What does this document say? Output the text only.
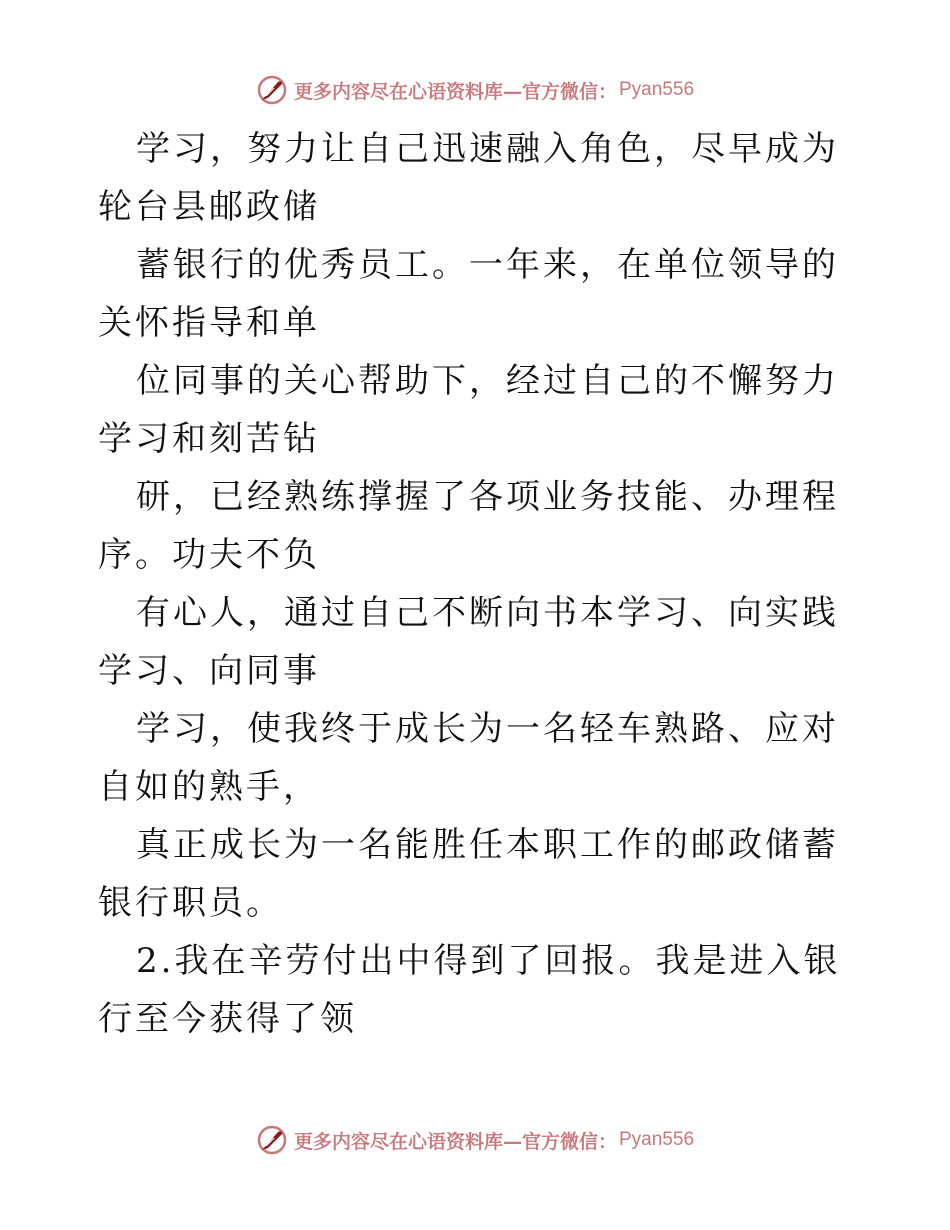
更多内容尽在心语资料库—官方微信： Pyan556

学习，努力让自己迅速融入角色，尽早成为轮台县邮政储

蓄银行的优秀员工。一年来，在单位领导的关怀指导和单

位同事的关心帮助下，经过自己的不懈努力学习和刻苦钻

研，已经熟练撑握了各项业务技能、办理程序。功夫不负

有心人，通过自己不断向书本学习、向实践学习、向同事

学习，使我终于成长为一名轻车熟路、应对自如的熟手，

真正成长为一名能胜任本职工作的邮政储蓄银行职员。

2.我在辛劳付出中得到了回报。我是进入银行至今获得了领

更多内容尽在心语资料库—官方微信： Pyan556
